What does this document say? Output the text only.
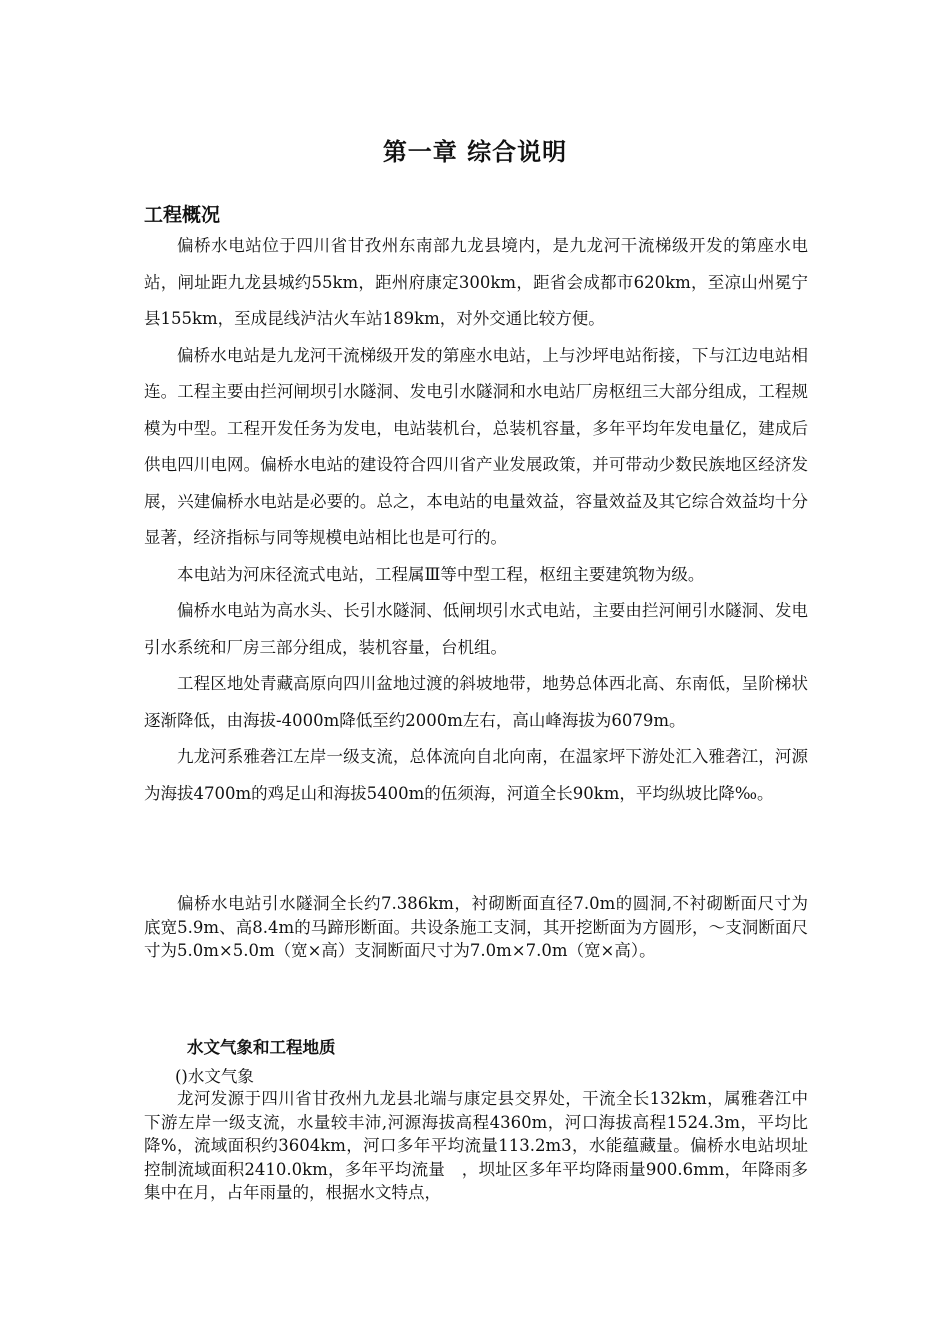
第一章 综合说明
工程概况

偏桥水电站位于四川省甘孜州东南部九龙县境内，是九龙河干流梯级开发的第座水电站，闸址距九龙县城约55km，距州府康定300km，距省会成都市620km，至凉山州冕宁县155km，至成昆线泸沽火车站189km，对外交通比较方便。

偏桥水电站是九龙河干流梯级开发的第座水电站，上与沙坪电站衔接，下与江边电站相连。工程主要由拦河闸坝引水隧洞、发电引水隧洞和水电站厂房枢纽三大部分组成，工程规模为中型。工程开发任务为发电，电站装机台，总装机容量，多年平均年发电量亿，建成后供电四川电网。偏桥水电站的建设符合四川省产业发展政策，并可带动少数民族地区经济发展，兴建偏桥水电站是必要的。总之，本电站的电量效益，容量效益及其它综合效益均十分显著，经济指标与同等规模电站相比也是可行的。

本电站为河床径流式电站，工程属Ⅲ等中型工程，枢纽主要建筑物为级。

偏桥水电站为高水头、长引水隧洞、低闸坝引水式电站，主要由拦河闸引水隧洞、发电引水系统和厂房三部分组成，装机容量，台机组。

工程区地处青藏高原向四川盆地过渡的斜坡地带，地势总体西北高、东南低，呈阶梯状逐渐降低，由海拔-4000m降低至约2000m左右，高山峰海拔为6079m。

九龙河系雅砻江左岸一级支流，总体流向自北向南，在温家坪下游处汇入雅砻江，河源为海拔4700m的鸡足山和海拔5400m的伍须海，河道全长90km，平均纵坡比降‰。

偏桥水电站引水隧洞全长约7.386km，衬砌断面直径7.0m的圆洞,不衬砌断面尺寸为底宽5.9m、高8.4m的马蹄形断面。共设条施工支洞，其开挖断面为方圆形，～支洞断面尺寸为5.0m×5.0m（宽×高）支洞断面尺寸为7.0m×7.0m（宽×高）。

水文气象和工程地质

()水文气象

龙河发源于四川省甘孜州九龙县北端与康定县交界处，干流全长132km，属雅砻江中下游左岸一级支流，水量较丰沛,河源海拔高程4360m，河口海拔高程1524.3m，平均比降%，流域面积约3604km，河口多年平均流量113.2m3，水能蕴藏量。偏桥水电站坝址控制流域面积2410.0km，多年平均流量　，坝址区多年平均降雨量900.6mm，年降雨多集中在月，占年雨量的，根据水文特点，
